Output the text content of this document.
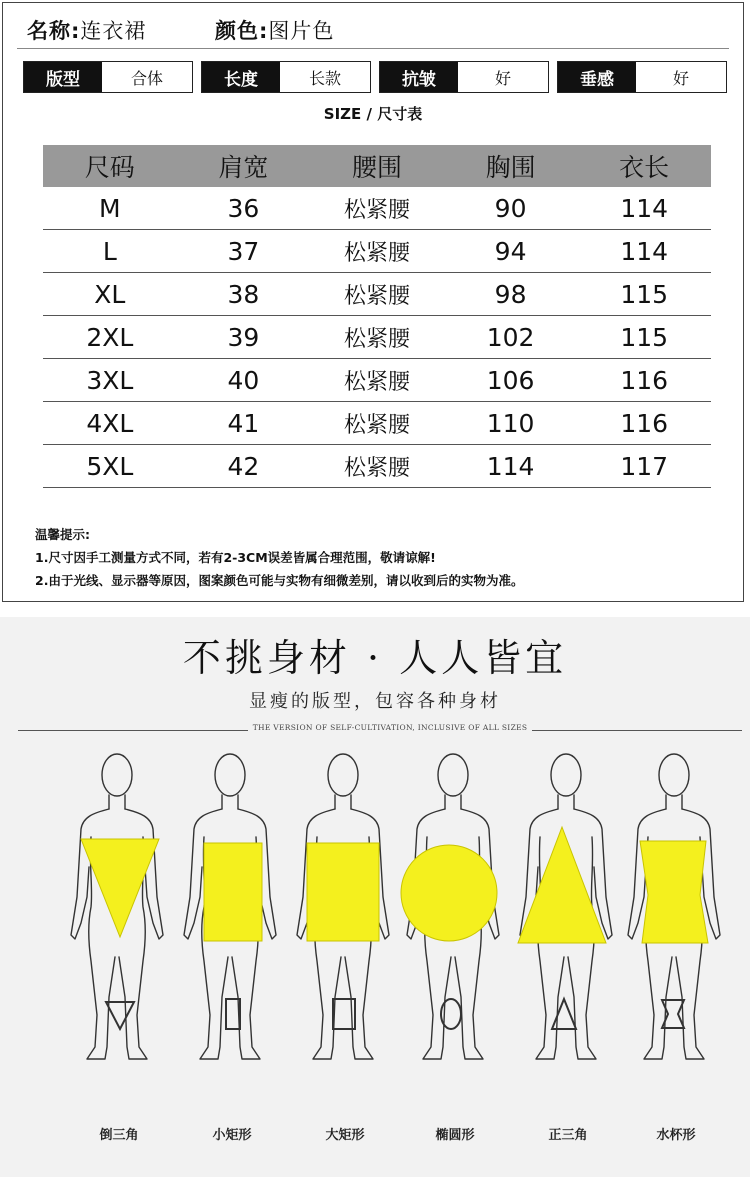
名称:连衣裙	颜色:图片色
版型	合体	长度	长款	抗皱	好	垂感	好
SIZE / 尺寸表
尺码	肩宽	腰围	胸围	衣长
M	36	松紧腰	90	114
L	37	松紧腰	94	114
XL	38	松紧腰	98	115
2XL	39	松紧腰	102	115
3XL	40	松紧腰	106	116
4XL	41	松紧腰	110	116
5XL	42	松紧腰	114	117
温馨提示:
1.尺寸因手工测量方式不同，若有2-3CM误差皆属合理范围，敬请谅解!
2.由于光线、显示器等原因，图案颜色可能与实物有细微差别，请以收到后的实物为准。
不挑身材 · 人人皆宜
显瘦的版型，包容各种身材
THE VERSION OF SELF-CULTIVATION, INCLUSIVE OF ALL SIZES
倒三角	小矩形	大矩形	椭圆形	正三角	水杯形
